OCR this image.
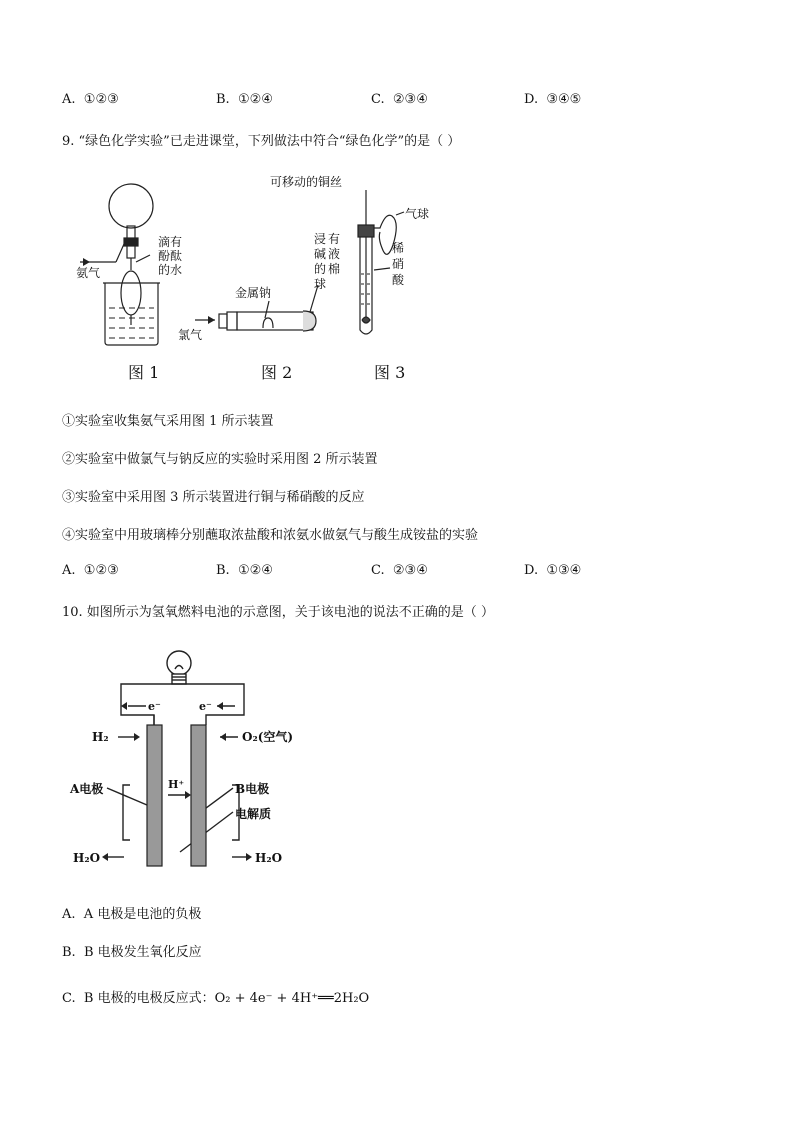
A. ①②③	B. ①②④	C. ②③④	D. ③④⑤
9. “绿色化学实验”已走进课堂，下列做法中符合“绿色化学”的是（ ）
氨气
滴有
酚酞
的水
图 1
氯气
金属钠
浸
碱
的
球
有
液
棉
图 2
可移动的铜丝
气球
稀
硝
酸
图 3
①实验室收集氨气采用图 1 所示装置
②实验室中做氯气与钠反应的实验时采用图 2 所示装置
③实验室中采用图 3 所示装置进行铜与稀硝酸的反应
④实验室中用玻璃棒分别蘸取浓盐酸和浓氨水做氨气与酸生成铵盐的实验
A. ①②③	B. ①②④	C. ②③④	D. ①③④
10. 如图所示为氢氧燃料电池的示意图，关于该电池的说法不正确的是（ ）
e⁻	e⁻
H₂	O₂(空气)
H⁺
A电极	B电极
电解质
H₂O	H₂O
A. A 电极是电池的负极
B. B 电极发生氧化反应
C. B 电极的电极反应式：O₂ + 4e⁻ + 4H⁺══2H₂O
